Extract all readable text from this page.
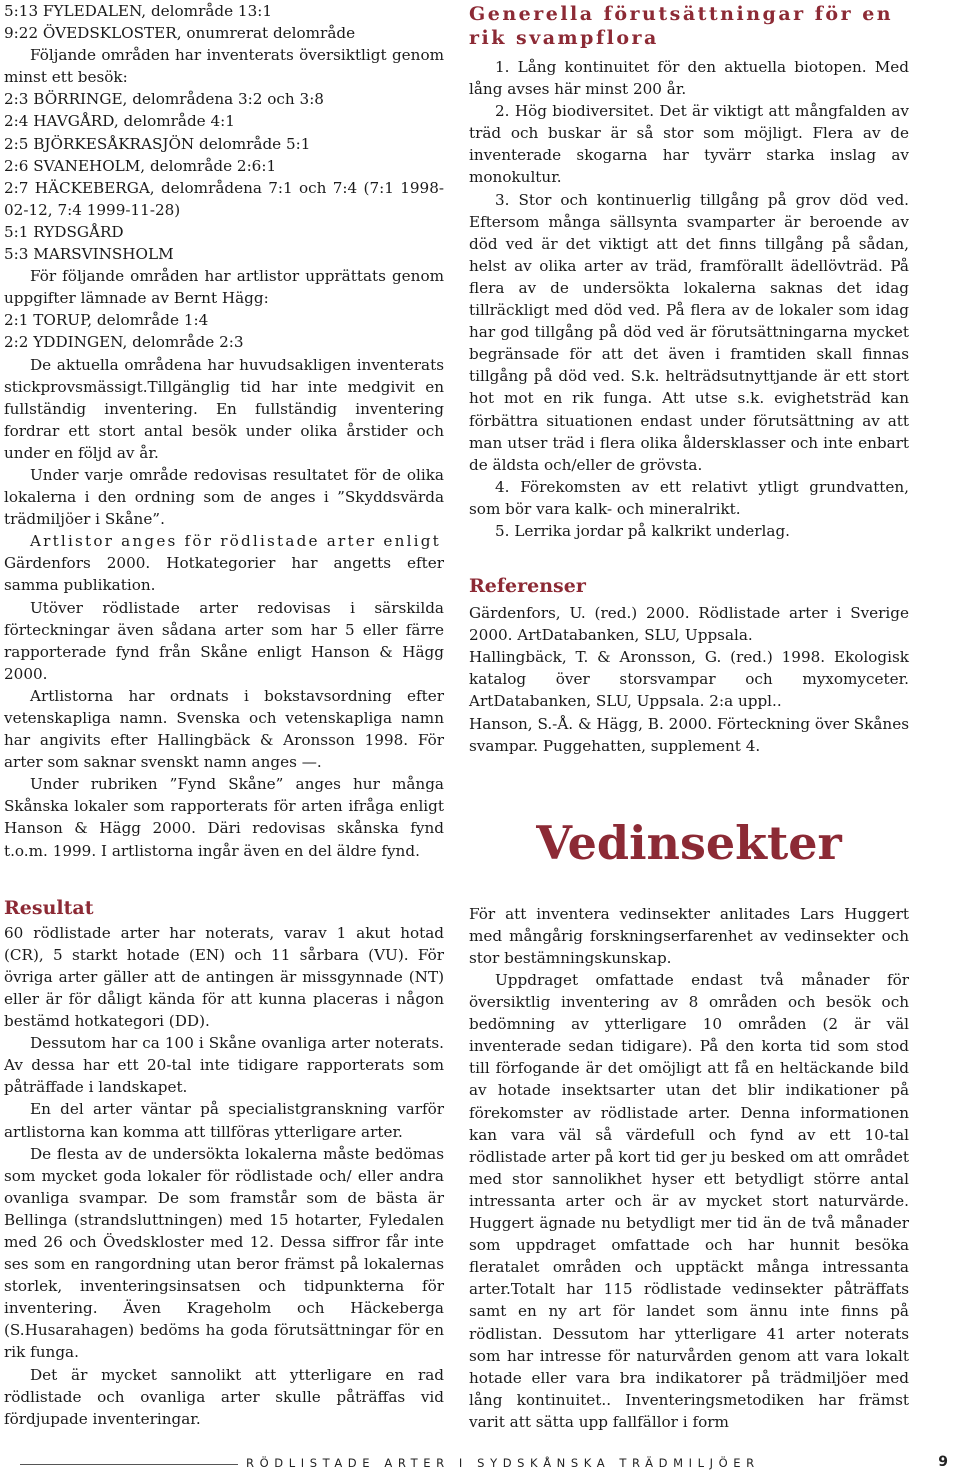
5:13 FYLEDALEN, delområde 13:1
9:22 ÖVEDSKLOSTER, onumrerat delområde

Följande områden har inventerats översiktligt genom minst ett besök:

2:3 BÖRRINGE, delområdena 3:2 och 3:8
2:4 HAVGÅRD, delområde 4:1
2:5 BJÖRKESÅKRASJÖN delområde 5:1
2:6 SVANEHOLM, delområde 2:6:1

2:7 HÄCKEBERGA, delområdena 7:1 och 7:4 (7:1 1998-02-12, 7:4 1999-11-28)

5:1 RYDSGÅRD
5:3 MARSVINSHOLM

För följande områden har artlistor upprättats genom uppgifter lämnade av Bernt Hägg:

2:1 TORUP, delområde 1:4
2:2 YDDINGEN, delområde 2:3

De aktuella områdena har huvudsakligen inventerats stickprovsmässigt.Tillgänglig tid har inte medgivit en fullständig inventering. En fullständig inventering fordrar ett stort antal besök under olika årstider och under en följd av år.

Under varje område redovisas resultatet för de olika lokalerna i den ordning som de anges i ”Skyddsvärda trädmiljöer i Skåne”.

Artlistor anges för rödlistade arter enligt

Gärdenfors 2000. Hotkategorier har angetts efter samma publikation.

Utöver rödlistade arter redovisas i särskilda förteckningar även sådana arter som har 5 eller färre rapporterade fynd från Skåne enligt Hanson & Hägg 2000.

Artlistorna har ordnats i bokstavsordning efter vetenskapliga namn. Svenska och vetenskapliga namn har angivits efter Hallingbäck & Aronsson 1998. För arter som saknar svenskt namn anges —.

Under rubriken ”Fynd Skåne” anges hur många Skånska lokaler som rapporterats för arten ifråga enligt Hanson & Hägg 2000. Däri redovisas skånska fynd t.o.m. 1999. I artlistorna ingår även en del äldre fynd.

Resultat

60 rödlistade arter har noterats, varav 1 akut hotad (CR), 5 starkt hotade (EN) och 11 sårbara (VU). För övriga arter gäller att de antingen är missgynnade (NT) eller är för dåligt kända för att kunna placeras i någon bestämd hotkategori (DD).

Dessutom har ca 100 i Skåne ovanliga arter noterats. Av dessa har ett 20-tal inte tidigare rapporterats som påträffade i landskapet.

En del arter väntar på specialistgranskning varför artlistorna kan komma att tillföras ytterligare arter.

De flesta av de undersökta lokalerna måste bedömas som mycket goda lokaler för rödlistade och/ eller andra ovanliga svampar. De som framstår som de bästa är Bellinga (strandsluttningen) med 15 hotarter, Fyledalen med 26 och Övedskloster med 12. Dessa siffror får inte ses som en rangordning utan beror främst på lokalernas storlek, inventeringsinsatsen och tidpunkterna för inventering. Även Krageholm och Häckeberga (S.Husarahagen) bedöms ha goda förutsättningar för en rik funga.

Det är mycket sannolikt att ytterligare en rad rödlistade och ovanliga arter skulle påträffas vid fördjupade inventeringar.

Generella förutsättningar för en rik svampflora

1. Lång kontinuitet för den aktuella biotopen. Med lång avses här minst 200 år.

2. Hög biodiversitet. Det är viktigt att mångfalden av träd och buskar är så stor som möjligt. Flera av de inventerade skogarna har tyvärr starka inslag av monokultur.

3. Stor och kontinuerlig tillgång på grov död ved. Eftersom många sällsynta svamparter är beroende av död ved är det viktigt att det finns tillgång på sådan, helst av olika arter av träd, framförallt ädellövträd. På flera av de undersökta lokalerna saknas det idag tillräckligt med död ved. På flera av de lokaler som idag har god tillgång på död ved är förutsättningarna mycket begränsade för att det även i framtiden skall finnas tillgång på död ved. S.k. helträdsutnyttjande är ett stort hot mot en rik funga. Att utse s.k. evighetsträd kan förbättra situationen endast under förutsättning av att man utser träd i flera olika åldersklasser och inte enbart de äldsta och/eller de grövsta.

4. Förekomsten av ett relativt ytligt grundvatten, som bör vara kalk- och mineralrikt.

5. Lerrika jordar på kalkrikt underlag.

Referenser

Gärdenfors, U. (red.) 2000. Rödlistade arter i Sverige 2000. ArtDatabanken, SLU, Uppsala.

Hallingbäck, T. & Aronsson, G. (red.) 1998. Ekologisk katalog över storsvampar och myxomyceter. ArtDatabanken, SLU, Uppsala. 2:a uppl..

Hanson, S.-Å. & Hägg, B. 2000. Förteckning över Skånes svampar. Puggehatten, supplement 4.

Vedinsekter

För att inventera vedinsekter anlitades Lars Huggert med mångårig forskningserfarenhet av vedinsekter och stor bestämningskunskap.

Uppdraget omfattade endast två månader för översiktlig inventering av 8 områden och besök och bedömning av ytterligare 10 områden (2 är väl inventerade sedan tidigare). På den korta tid som stod till förfogande är det omöjligt att få en heltäckande bild av hotade insektsarter utan det blir indikationer på förekomster av rödlistade arter. Denna informationen kan vara väl så värdefull och fynd av ett 10-tal rödlistade arter på kort tid ger ju besked om att området med stor sannolikhet hyser ett betydligt större antal intressanta arter och är av mycket stort naturvärde. Huggert ägnade nu betydligt mer tid än de två månader som uppdraget omfattade och har hunnit besöka fleratalet områden och upptäckt många intressanta arter.Totalt har 115 rödlistade vedinsekter påträffats samt en ny art för landet som ännu inte finns på rödlistan. Dessutom har ytterligare 41 arter noterats som har intresse för naturvården genom att vara lokalt hotade eller vara bra indikatorer på trädmiljöer med lång kontinuitet.. Inventeringsmetodiken har främst varit att sätta upp fallfällor i form

RÖDLISTADE ARTER I SYDSKÅNSKA TRÄDMILJÖER	9
